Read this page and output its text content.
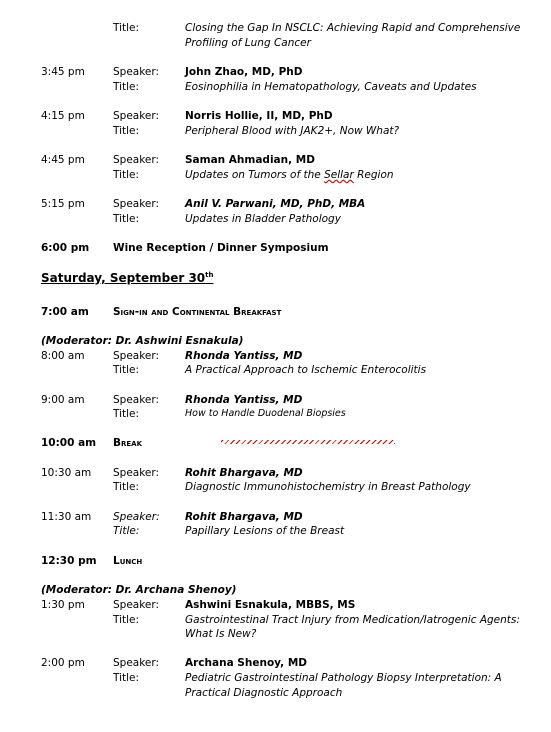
Title:	Closing the Gap In NSCLC: Achieving Rapid and Comprehensive
Profiling of Lung Cancer
3:45 pm	Speaker: John Zhao, MD, PhD
Title:	Eosinophilia in Hematopathology, Caveats and Updates
4:15 pm	Speaker: Norris Hollie, II, MD, PhD
Title:	Peripheral Blood with JAK2+, Now What?
4:45 pm	Speaker: Saman Ahmadian, MD
Title:	Updates on Tumors of the Sellar Region
5:15 pm	Speaker: Anil V. Parwani, MD, PhD, MBA
Title:	Updates in Bladder Pathology
6:00 pm Wine Reception / Dinner Symposium
Saturday, September 30th
7:00 am Sign-in and Continental Breakfast
(Moderator: Dr. Ashwini Esnakula)
8:00 am	Speaker: Rhonda Yantiss, MD
Title:	A Practical Approach to Ischemic Enterocolitis
9:00 am	Speaker: Rhonda Yantiss, MD
Title:	How to Handle Duodenal Biopsies
10:00 am Break
10:30 am Speaker: Rohit Bhargava, MD
Title:	Diagnostic Immunohistochemistry in Breast Pathology
11:30 am Speaker: Rohit Bhargava, MD
Title:	Papillary Lesions of the Breast
12:30 pm Lunch
(Moderator: Dr. Archana Shenoy)
1:30 pm	Speaker: Ashwini Esnakula, MBBS, MS
Title:	Gastrointestinal Tract Injury from Medication/Iatrogenic Agents:
What Is New?
2:00 pm	Speaker: Archana Shenoy, MD
Title:	Pediatric Gastrointestinal Pathology Biopsy Interpretation: A
Practical Diagnostic Approach
